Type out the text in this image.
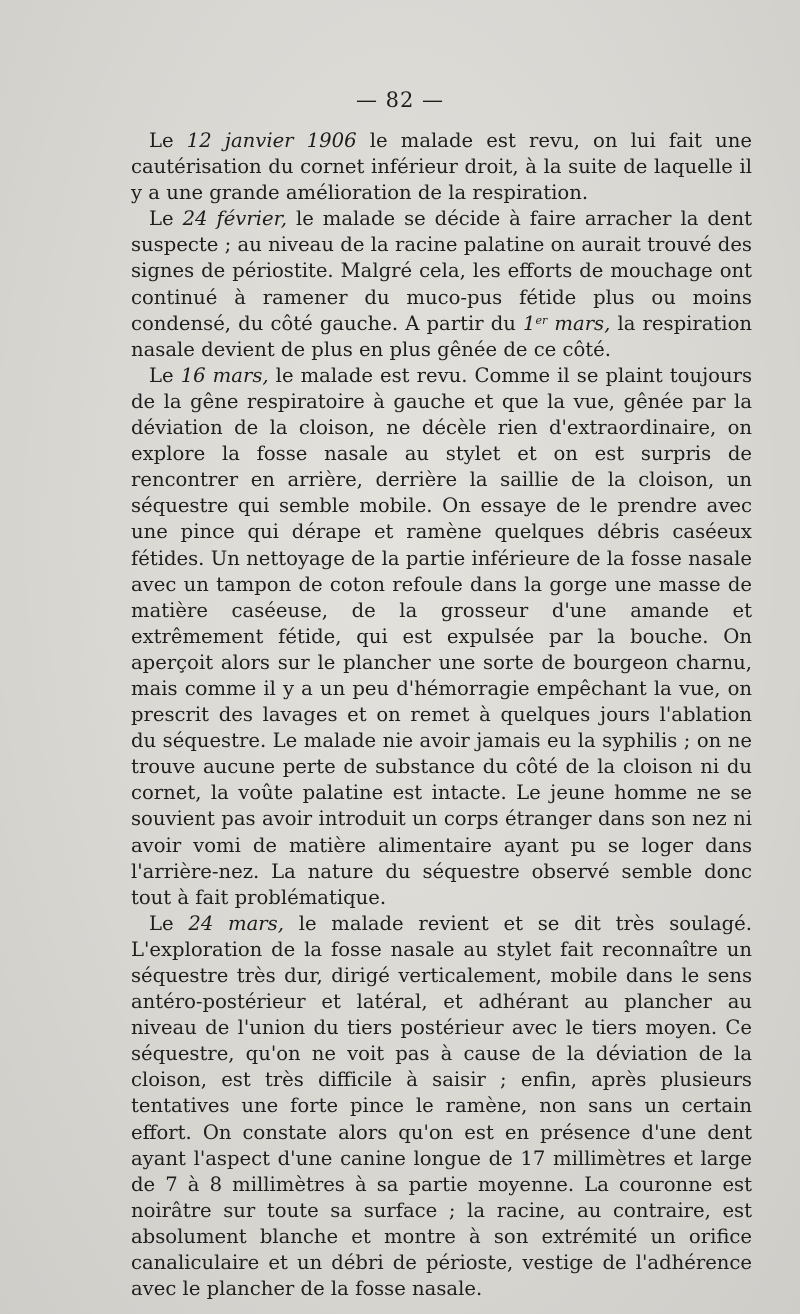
— 82 —

Le 12 janvier 1906 le malade est revu, on lui fait une cautérisation du cornet inférieur droit, à la suite de laquelle il y a une grande amélioration de la respiration.

Le 24 février, le malade se décide à faire arracher la dent suspecte ; au niveau de la racine palatine on aurait trouvé des signes de périostite. Malgré cela, les efforts de mouchage ont continué à ramener du muco-pus fétide plus ou moins condensé, du côté gauche. A partir du 1er mars, la respiration nasale devient de plus en plus gênée de ce côté.

Le 16 mars, le malade est revu. Comme il se plaint toujours de la gêne respiratoire à gauche et que la vue, gênée par la déviation de la cloison, ne décèle rien d'extraordinaire, on explore la fosse nasale au stylet et on est surpris de rencontrer en arrière, derrière la saillie de la cloison, un séquestre qui semble mobile. On essaye de le prendre avec une pince qui dérape et ramène quelques débris caséeux fétides. Un nettoyage de la partie inférieure de la fosse nasale avec un tampon de coton refoule dans la gorge une masse de matière caséeuse, de la grosseur d'une amande et extrêmement fétide, qui est expulsée par la bouche. On aperçoit alors sur le plancher une sorte de bourgeon charnu, mais comme il y a un peu d'hémorragie empêchant la vue, on prescrit des lavages et on remet à quelques jours l'ablation du séquestre. Le malade nie avoir jamais eu la syphilis ; on ne trouve aucune perte de substance du côté de la cloison ni du cornet, la voûte palatine est intacte. Le jeune homme ne se souvient pas avoir introduit un corps étranger dans son nez ni avoir vomi de matière alimentaire ayant pu se loger dans l'arrière-nez. La nature du séquestre observé semble donc tout à fait problématique.

Le 24 mars, le malade revient et se dit très soulagé. L'exploration de la fosse nasale au stylet fait reconnaître un séquestre très dur, dirigé verticalement, mobile dans le sens antéro-postérieur et latéral, et adhérant au plancher au niveau de l'union du tiers postérieur avec le tiers moyen. Ce séquestre, qu'on ne voit pas à cause de la déviation de la cloison, est très difficile à saisir ; enfin, après plusieurs tentatives une forte pince le ramène, non sans un certain effort. On constate alors qu'on est en présence d'une dent ayant l'aspect d'une canine longue de 17 millimètres et large de 7 à 8 millimètres à sa partie moyenne. La couronne est noirâtre sur toute sa surface ; la racine, au contraire, est absolument blanche et montre à son extrémité un orifice canaliculaire et un débri de périoste, vestige de l'adhérence avec le plancher de la fosse nasale.
